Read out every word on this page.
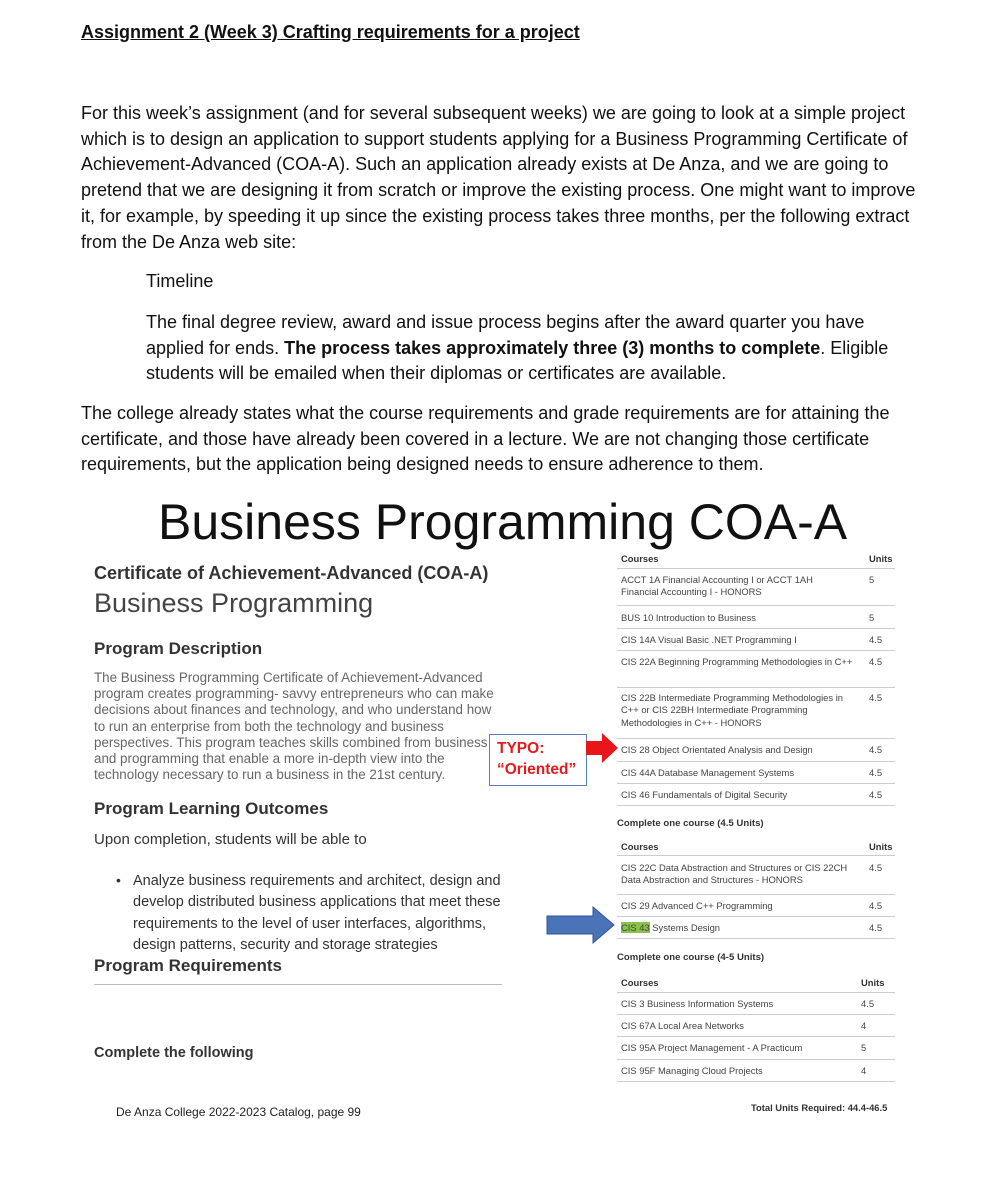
Assignment 2 (Week 3) Crafting requirements for a project
For this week’s assignment (and for several subsequent weeks) we are going to look at a simple project which is to design an application to support students applying for a Business Programming Certificate of Achievement-Advanced (COA-A). Such an application already exists at De Anza, and we are going to pretend that we are designing it from scratch or improve the existing process. One might want to improve it, for example, by speeding it up since the existing process takes three months, per the following extract from the De Anza web site:
Timeline
The final degree review, award and issue process begins after the award quarter you have applied for ends. The process takes approximately three (3) months to complete. Eligible students will be emailed when their diplomas or certificates are available.
The college already states what the course requirements and grade requirements are for attaining the certificate, and those have already been covered in a lecture. We are not changing those certificate requirements, but the application being designed needs to ensure adherence to them.
Business Programming COA-A
Certificate of Achievement-Advanced (COA-A)
Business Programming
Program Description
The Business Programming Certificate of Achievement-Advanced program creates programming- savvy entrepreneurs who can make decisions about finances and technology, and who understand how to run an enterprise from both the technology and business perspectives. This program teaches skills combined from business and programming that enable a more in-depth view into the technology necessary to run a business in the 21st century.
Program Learning Outcomes
Upon completion, students will be able to
• Analyze business requirements and architect, design and develop distributed business applications that meet these requirements to the level of user interfaces, algorithms, design patterns, security and storage strategies
Program Requirements
Complete the following
De Anza College 2022-2023 Catalog, page 99
TYPO:
“Oriented”
Courses	Units
ACCT 1A Financial Accounting I or ACCT 1AH Financial Accounting I - HONORS
5
BUS 10 Introduction to Business	5
CIS 14A Visual Basic .NET Programming I	4.5
CIS 22A Beginning Programming Methodologies in C++ 4.5
CIS 22B Intermediate Programming Methodologies in C++ or CIS 22BH Intermediate Programming Methodologies in C++ - HONORS
4.5
CIS 28 Object Orientated Analysis and Design	4.5
CIS 44A Database Management Systems	4.5
CIS 46 Fundamentals of Digital Security	4.5
Complete one course (4.5 Units)
Courses	Units
CIS 22C Data Abstraction and Structures or CIS 22CH Data Abstraction and Structures - HONORS
4.5
CIS 29 Advanced C++ Programming	4.5
CIS 43 Systems Design	4.5
Complete one course (4-5 Units)
Courses	Units
CIS 3 Business Information Systems	4.5
CIS 67A Local Area Networks	4
CIS 95A Project Management - A Practicum	5
CIS 95F Managing Cloud Projects	4
Total Units Required: 44.4-46.5
